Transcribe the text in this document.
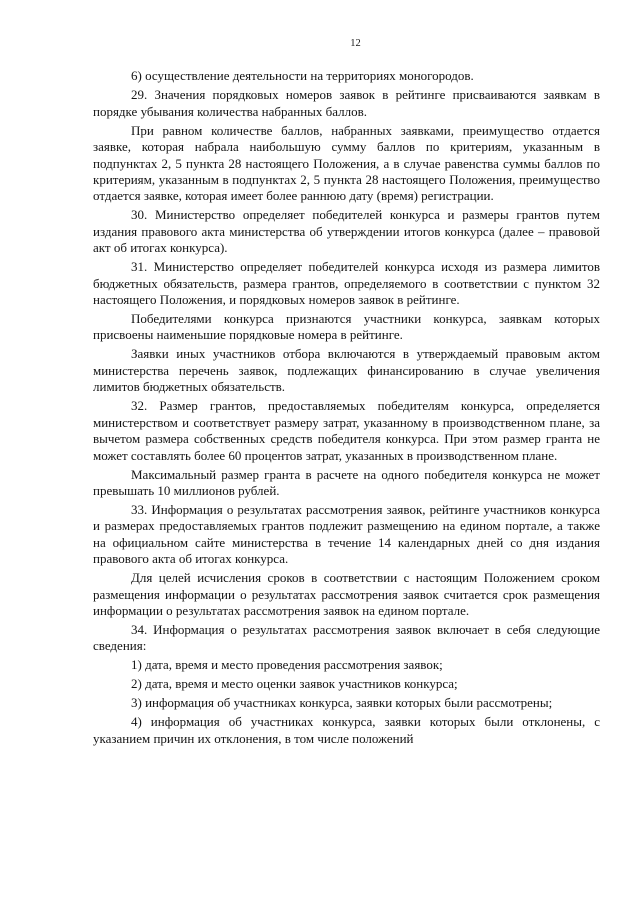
12

6) осуществление деятельности на территориях моногородов.

29. Значения порядковых номеров заявок в рейтинге присваиваются заявкам в порядке убывания количества набранных баллов.

При равном количестве баллов, набранных заявками, преимущество отдается заявке, которая набрала наибольшую сумму баллов по критериям, указанным в подпунктах 2, 5 пункта 28 настоящего Положения, а в случае равенства суммы баллов по критериям, указанным в подпунктах 2, 5 пункта 28 настоящего Положения, преимущество отдается заявке, которая имеет более раннюю дату (время) регистрации.

30. Министерство определяет победителей конкурса и размеры грантов путем издания правового акта министерства об утверждении итогов конкурса (далее – правовой акт об итогах конкурса).

31. Министерство определяет победителей конкурса исходя из размера лимитов бюджетных обязательств, размера грантов, определяемого в соответствии с пунктом 32 настоящего Положения, и порядковых номеров заявок в рейтинге.

Победителями конкурса признаются участники конкурса, заявкам которых присвоены наименьшие порядковые номера в рейтинге.

Заявки иных участников отбора включаются в утверждаемый правовым актом министерства перечень заявок, подлежащих финансированию в случае увеличения лимитов бюджетных обязательств.

32. Размер грантов, предоставляемых победителям конкурса, определяется министерством и соответствует размеру затрат, указанному в производственном плане, за вычетом размера собственных средств победителя конкурса. При этом размер гранта не может составлять более 60 процентов затрат, указанных в производственном плане.

Максимальный размер гранта в расчете на одного победителя конкурса не может превышать 10 миллионов рублей.

33. Информация о результатах рассмотрения заявок, рейтинге участников конкурса и размерах предоставляемых грантов подлежит размещению на едином портале, а также на официальном сайте министерства в течение 14 календарных дней со дня издания правового акта об итогах конкурса.

Для целей исчисления сроков в соответствии с настоящим Положением сроком размещения информации о результатах рассмотрения заявок считается срок размещения информации о результатах рассмотрения заявок на едином портале.

34. Информация о результатах рассмотрения заявок включает в себя следующие сведения:

1) дата, время и место проведения рассмотрения заявок;

2) дата, время и место оценки заявок участников конкурса;

3) информация об участниках конкурса, заявки которых были рассмотрены;

4) информация об участниках конкурса, заявки которых были отклонены, с указанием причин их отклонения, в том числе положений
